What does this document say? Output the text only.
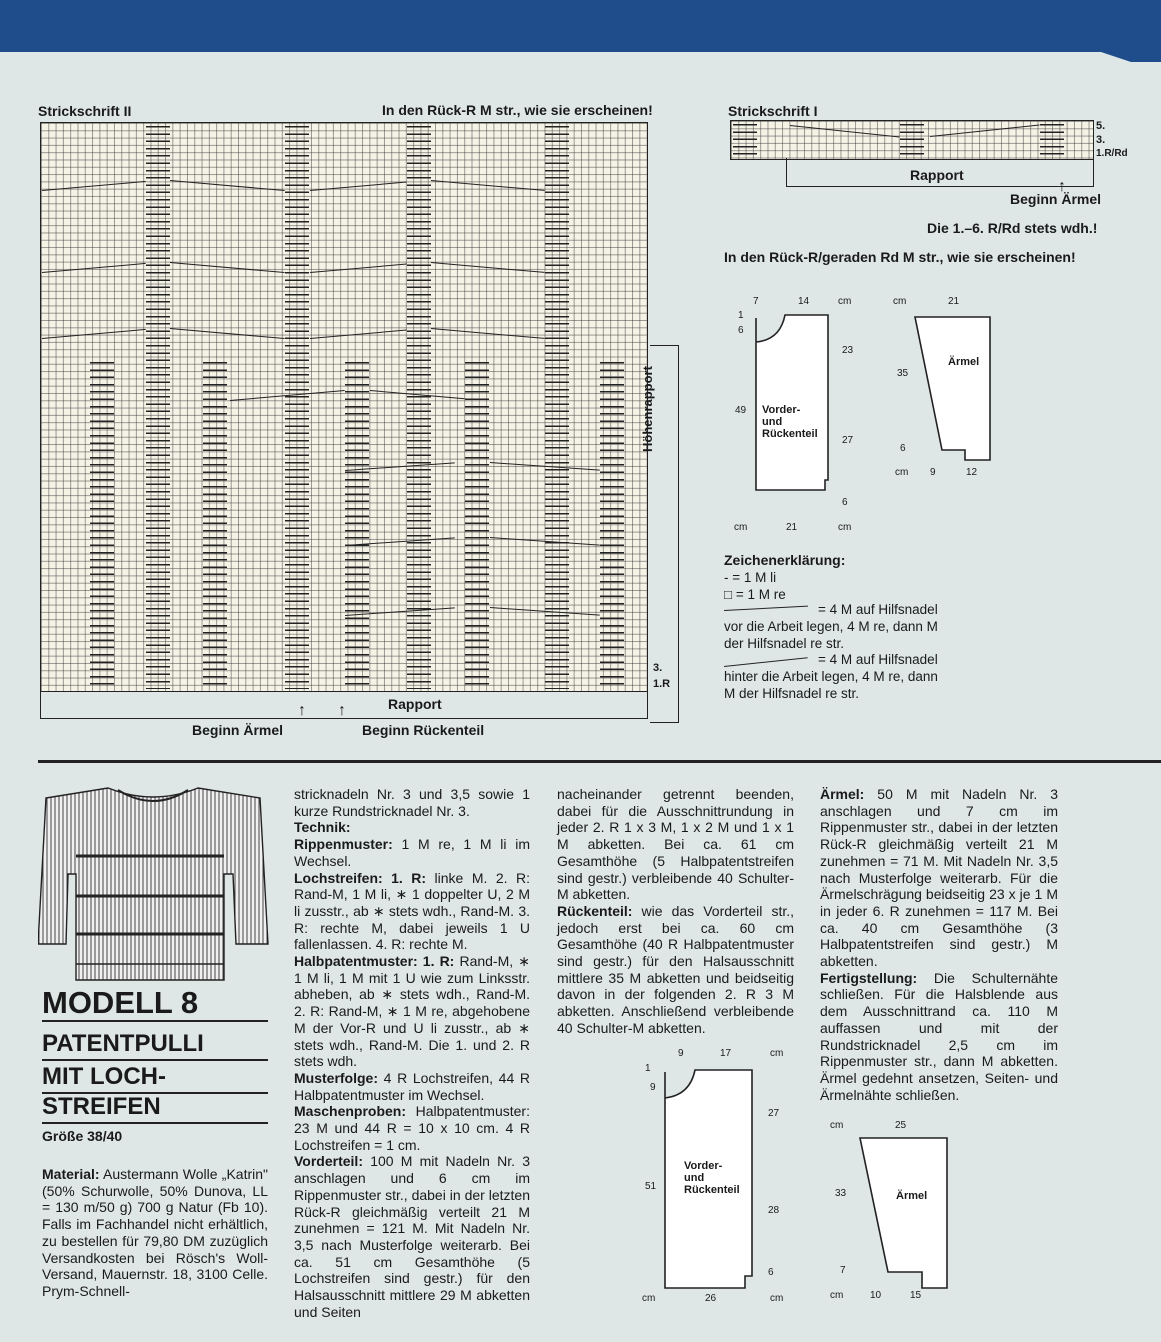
Strickschrift II	In den Rück-R M str., wie sie erscheinen!
Höhenrapport
3.
1.R
Rapport
Beginn Ärmel
↑ ↑
Beginn Rückenteil
Strickschrift I
5.
3.
1.R/Rd
Rapport
↑
Beginn Ärmel
Die 1.–6. R/Rd stets wdh.!
In den Rück-R/geraden Rd M str., wie sie erscheinen!
7	14	cm
1
6
49
23
27
6
cm	21	cm
Vorder-
und
Rückenteil
cm	21
35
6
cm 9	12
Ärmel
Zeichenerklärung:
- = 1 M li
□ = 1 M re
= 4 M auf Hilfsnadel
vor die Arbeit legen, 4 M re, dann M
der Hilfsnadel re str.
= 4 M auf Hilfsnadel
hinter die Arbeit legen, 4 M re, dann
M der Hilfsnadel re str.
MODELL 8
PATENTPULLI
MIT LOCH-
STREIFEN
Größe 38/40

Material: Austermann Wolle „Katrin" (50% Schurwolle, 50% Dunova, LL = 130 m/50 g) 700 g Natur (Fb 10). Falls im Fachhandel nicht erhältlich, zu bestellen für 79,80 DM zuzüglich Versandkosten bei Rösch's Woll-Versand, Mauernstr. 18, 3100 Celle. Prym-Schnell-

stricknadeln Nr. 3 und 3,5 sowie 1 kurze Rundstricknadel Nr. 3.

Technik:

Rippenmuster: 1 M re, 1 M li im Wechsel.

Lochstreifen: 1. R: linke M. 2. R: Rand-M, 1 M li, ∗ 1 doppelter U, 2 M li zusstr., ab ∗ stets wdh., Rand-M. 3. R: rechte M, dabei jeweils 1 U fallenlassen. 4. R: rechte M.

Halbpatentmuster: 1. R: Rand-M, ∗ 1 M li, 1 M mit 1 U wie zum Linksstr. abheben, ab ∗ stets wdh., Rand-M. 2. R: Rand-M, ∗ 1 M re, abgehobene M der Vor-R und U li zusstr., ab ∗ stets wdh., Rand-M. Die 1. und 2. R stets wdh.

Musterfolge: 4 R Lochstreifen, 44 R Halbpatentmuster im Wechsel.

Maschenproben: Halbpatentmuster: 23 M und 44 R = 10 x 10 cm. 4 R Lochstreifen = 1 cm.

Vorderteil: 100 M mit Nadeln Nr. 3 anschlagen und 6 cm im Rippenmuster str., dabei in der letzten Rück-R gleichmäßig verteilt 21 M zunehmen = 121 M. Mit Nadeln Nr. 3,5 nach Musterfolge weiterarb. Bei ca. 51 cm Gesamthöhe (5 Lochstreifen sind gestr.) für den Halsausschnitt mittlere 29 M abketten und Seiten

nacheinander getrennt beenden, dabei für die Ausschnittrundung in jeder 2. R 1 x 3 M, 1 x 2 M und 1 x 1 M abketten. Bei ca. 61 cm Gesamthöhe (5 Halbpatentstreifen sind gestr.) verbleibende 40 Schulter-M abketten.

Rückenteil: wie das Vorderteil str., jedoch erst bei ca. 60 cm Gesamthöhe (40 R Halbpatentmuster sind gestr.) für den Halsausschnitt mittlere 35 M abketten und beidseitig davon in der folgenden 2. R 3 M abketten. Anschließend verbleibende 40 Schulter-M abketten.

Ärmel: 50 M mit Nadeln Nr. 3 anschlagen und 7 cm im Rippenmuster str., dabei in der letzten Rück-R gleichmäßig verteilt 21 M zunehmen = 71 M. Mit Nadeln Nr. 3,5 nach Musterfolge weiterarb. Für die Ärmelschrägung beidseitig 23 x je 1 M in jeder 6. R zunehmen = 117 M. Bei ca. 40 cm Gesamthöhe (3 Halbpatentstreifen sind gestr.) M abketten.

Fertigstellung: Die Schulternähte schließen. Für die Halsblende aus dem Ausschnittrand ca. 110 M auffassen und mit der Rundstricknadel 2,5 cm im Rippenmuster str., dann M abketten. Ärmel gedehnt ansetzen, Seiten- und Ärmelnähte schließen.

9	17	cm
1
9
51
27
28
6
cm	26	cm
Vorder-
und
Rückenteil
cm	25
33
7
cm	10	15
Ärmel
